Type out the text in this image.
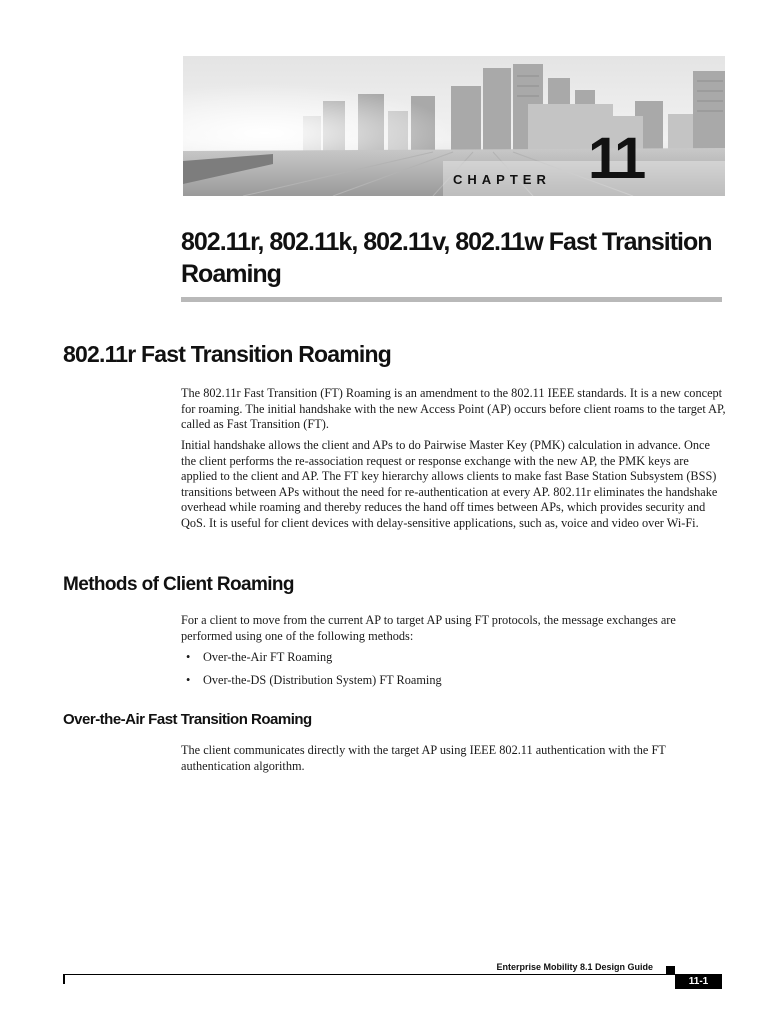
CHAPTER 11
802.11r, 802.11k, 802.11v, 802.11w Fast Transition Roaming
802.11r Fast Transition Roaming

The 802.11r Fast Transition (FT) Roaming is an amendment to the 802.11 IEEE standards. It is a new concept for roaming. The initial handshake with the new Access Point (AP) occurs before client roams to the target AP, called as Fast Transition (FT).

Initial handshake allows the client and APs to do Pairwise Master Key (PMK) calculation in advance. Once the client performs the re-association request or response exchange with the new AP, the PMK keys are applied to the client and AP. The FT key hierarchy allows clients to make fast Base Station Subsystem (BSS) transitions between APs without the need for re-authentication at every AP. 802.11r eliminates the handshake overhead while roaming and thereby reduces the hand off times between APs, which provides security and QoS. It is useful for client devices with delay-sensitive applications, such as, voice and video over Wi-Fi.

Methods of Client Roaming

For a client to move from the current AP to target AP using FT protocols, the message exchanges are performed using one of the following methods:

• Over-the-Air FT Roaming
• Over-the-DS (Distribution System) FT Roaming
Over-the-Air Fast Transition Roaming

The client communicates directly with the target AP using IEEE 802.11 authentication with the FT authentication algorithm.

Enterprise Mobility 8.1 Design Guide
11-1
